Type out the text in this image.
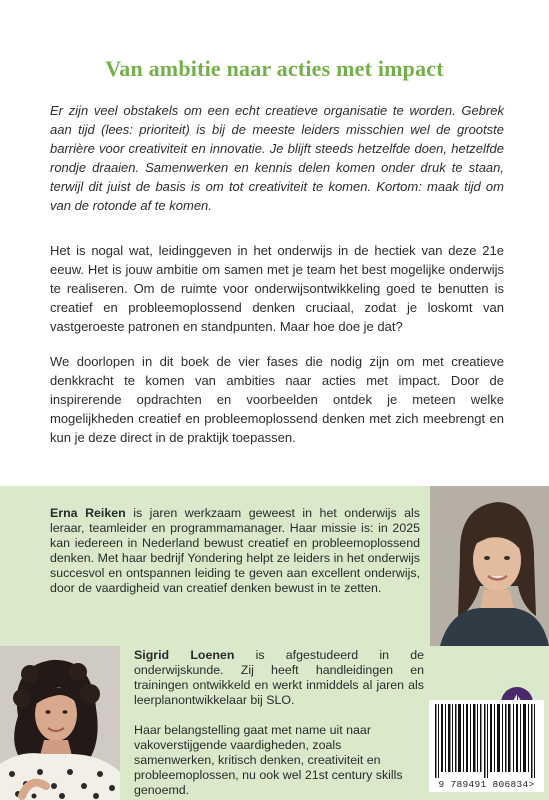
Van ambitie naar acties met impact

Er zijn veel obstakels om een echt creatieve organisatie te worden. Gebrek aan tijd (lees: prioriteit) is bij de meeste leiders misschien wel de grootste barrière voor creativiteit en innovatie. Je blijft steeds hetzelfde doen, hetzelfde rondje draaien. Samenwerken en kennis delen komen onder druk te staan, terwijl dit juist de basis is om tot creativiteit te komen. Kortom: maak tijd om van de rotonde af te komen.

Het is nogal wat, leidinggeven in het onderwijs in de hectiek van deze 21e eeuw. Het is jouw ambitie om samen met je team het best mogelijke onderwijs te realiseren. Om de ruimte voor onderwijsontwikkeling goed te benutten is creatief en probleemoplossend denken cruciaal, zodat je loskomt van vastgeroeste patronen en standpunten. Maar hoe doe je dat?

We doorlopen in dit boek de vier fases die nodig zijn om met creatieve denkkracht te komen van ambities naar acties met impact. Door de inspirerende opdrachten en voorbeelden ontdek je meteen welke mogelijkheden creatief en probleemoplossend denken met zich meebrengt en kun je deze direct in de praktijk toepassen.

Erna Reiken is jaren werkzaam geweest in het onderwijs als leraar, teamleider en programmamanager. Haar missie is: in 2025 kan iedereen in Nederland bewust creatief en probleemoplossend denken. Met haar bedrijf Yondering helpt ze leiders in het onderwijs succesvol en ontspannen leiding te geven aan excellent onderwijs, door de vaardigheid van creatief denken bewust in te zetten.

Sigrid Loenen is afgestudeerd in de onderwijskunde. Zij heeft handleidingen en trainingen ontwikkeld en werkt inmiddels al jaren als leerplanontwikkelaar bij SLO.

Haar belangstelling gaat met name uit naar vakoverstijgende vaardigheden, zoals samenwerken, kritisch denken, creativiteit en probleemoplossen, nu ook wel 21st century skills genoemd.	9 789491 806834>
